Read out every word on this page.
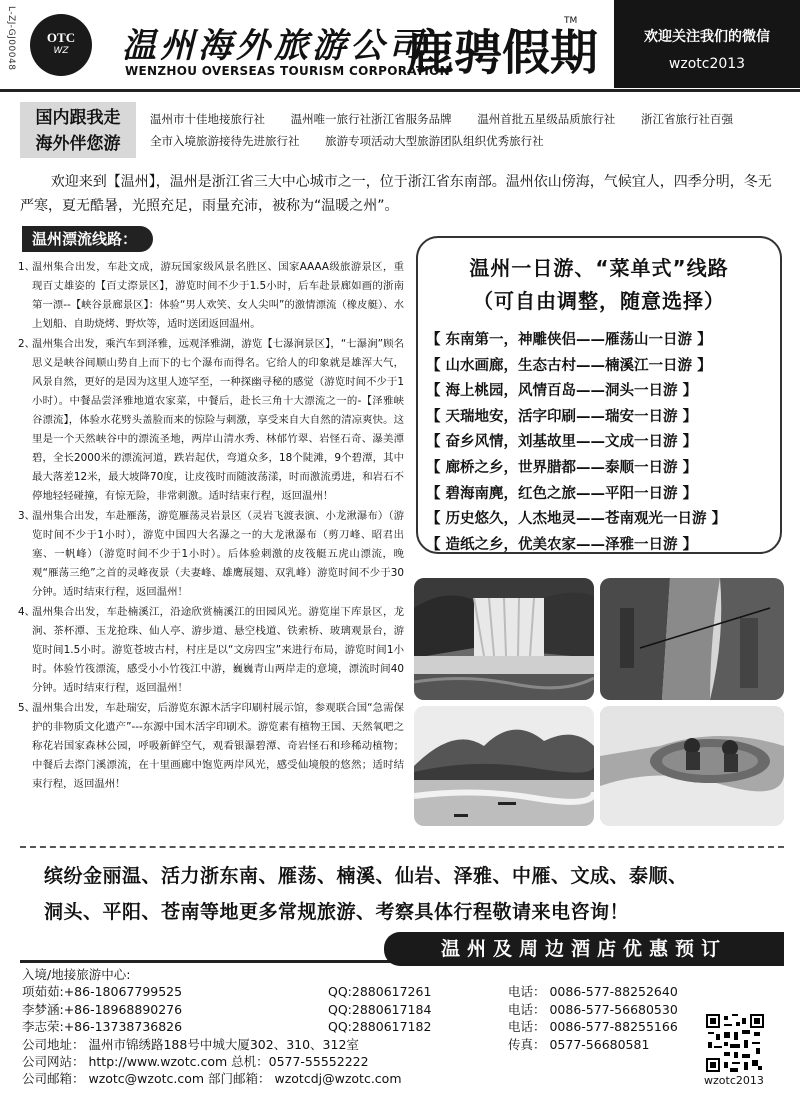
L-ZJ-GJ00048	OTC
WZ	温州海外旅游公司
WENZHOU OVERSEAS TOURISM CORPORATION
鹿骋假期
TM
欢迎关注我们的微信
wzotc2013
国内跟我走
海外伴您游
温州市十佳地接旅行社 温州唯一旅行社浙江省服务品牌 温州首批五星级品质旅行社 浙江省旅行社百强
全市入境旅游接待先进旅行社 旅游专项活动大型旅游团队组织优秀旅行社

欢迎来到【温州】，温州是浙江省三大中心城市之一，位于浙江省东南部。温州依山傍海，气候宜人，四季分明，冬无严寒，夏无酷暑，光照充足，雨量充沛，被称为“温暖之州”。

温州漂流线路：
1、
温州集合出发，车赴文成，游玩国家级风景名胜区、国家AAAA级旅游景区，重现百丈雄姿的【百丈漈景区】，游览时间不少于1.5小时，后车赴景廊如画的浙南第一漂--【峡谷景廊景区】：体验“男人欢笑、女人尖叫”的激情漂流（橡皮艇）、水上划船、自助烧烤、野炊等，适时送团返回温州。
2、
温州集合出发，乘汽车到泽雅，远观泽雅湖，游览【七瀑涧景区】，“七瀑涧”顾名思义是峡谷间顺山势自上而下的七个瀑布而得名。它给人的印象就是雄浑大气，风景自然，更好的是因为这里人迹罕至，一种探幽寻秘的感觉（游览时间不少于1小时）。中餐品尝泽雅地道农家菜，中餐后，赴长三角十大漂流之一的-【泽雅峡谷漂流】，体验水花劈头盖脸而来的惊险与刺激，享受来自大自然的清凉爽快。这里是一个天然峡谷中的漂流圣地，两岸山清水秀、林郁竹翠、岩怪石奇、瀑美潭碧，全长2000米的漂流河道，跌岩起伏，弯道众多，18个陡滩，9个碧潭，其中最大落差12米，最大坡降70度，让皮筏时而随波荡漾，时而激流勇进，和岩石不停地轻轻碰撞，有惊无险，非常刺激。适时结束行程，返回温州！
3、
温州集合出发，车赴雁荡，游览雁荡灵岩景区（灵岩飞渡表演、小龙湫瀑布）（游览时间不少于1小时），游览中国四大名瀑之一的大龙湫瀑布（剪刀峰、昭君出塞、一帆峰）（游览时间不少于1小时）。后体验刺激的皮筏艇五虎山漂流，晚观“雁荡三绝”之首的灵峰夜景（夫妻峰、雄鹰展翅、双乳峰）游览时间不少于30分钟。适时结束行程，返回温州！
4、
温州集合出发，车赴楠溪江，沿途欣赏楠溪江的田园风光。游览崖下库景区，龙涧、茶杯潭、玉龙抢珠、仙人亭、游步道、悬空栈道、铁索桥、玻璃观景台，游览时间1.5小时。游览苍坡古村，村庄是以“文房四宝”来进行布局，游览时间1小时。体验竹筏漂流，感受小小竹筏江中游，巍巍青山两岸走的意境，漂流时间40分钟。适时结束行程，返回温州！
5、
温州集合出发，车赴瑞安，后游览东源木活字印刷村展示馆，参观联合国“急需保护的非物质文化遗产”---东源中国木活字印刷术。游览素有植物王国、天然氧吧之称花岩国家森林公园，呼吸新鲜空气，观看银瀑碧潭、奇岩怪石和珍稀动植物；中餐后去漈门溪漂流，在十里画廊中饱览两岸风光，感受仙境般的悠然；适时结束行程，返回温州！
温州一日游、“菜单式”线路
（可自由调整，随意选择）
【 东南第一，神雕侠侣——雁荡山一日游 】
【 山水画廊，生态古村——楠溪江一日游 】
【 海上桃园，风情百岛——洞头一日游 】
【 天瑞地安，活字印刷——瑞安一日游 】
【 奋乡风情，刘基故里——文成一日游 】
【 廊桥之乡，世界腊都——泰顺一日游 】
【 碧海南麂，红色之旅——平阳一日游 】
【 历史悠久，人杰地灵——苍南观光一日游 】
【 造纸之乡，优美农家——泽雅一日游 】
缤纷金丽温、活力浙东南、雁荡、楠溪、仙岩、泽雅、中雁、文成、泰顺、
洞头、平阳、苍南等地更多常规旅游、考察具体行程敬请来电咨询！
温州及周边酒店优惠预订
入境/地接旅游中心:
项茹茹:+86-18067799525	QQ:2880617261	电话： 0086-577-88252640
李梦涵:+86-18968890276	QQ:2880617184	电话： 0086-577-56680530
李志荣:+86-13738736826	QQ:2880617182	电话： 0086-577-88255166
公司地址： 温州市锦绣路188号中城大厦302、310、312室	传真： 0577-56680581
公司网站： http://www.wzotc.com 总机：0577-55552222
公司邮箱： wzotc@wzotc.com 部门邮箱： wzotcdj@wzotc.com	wzotc2013
